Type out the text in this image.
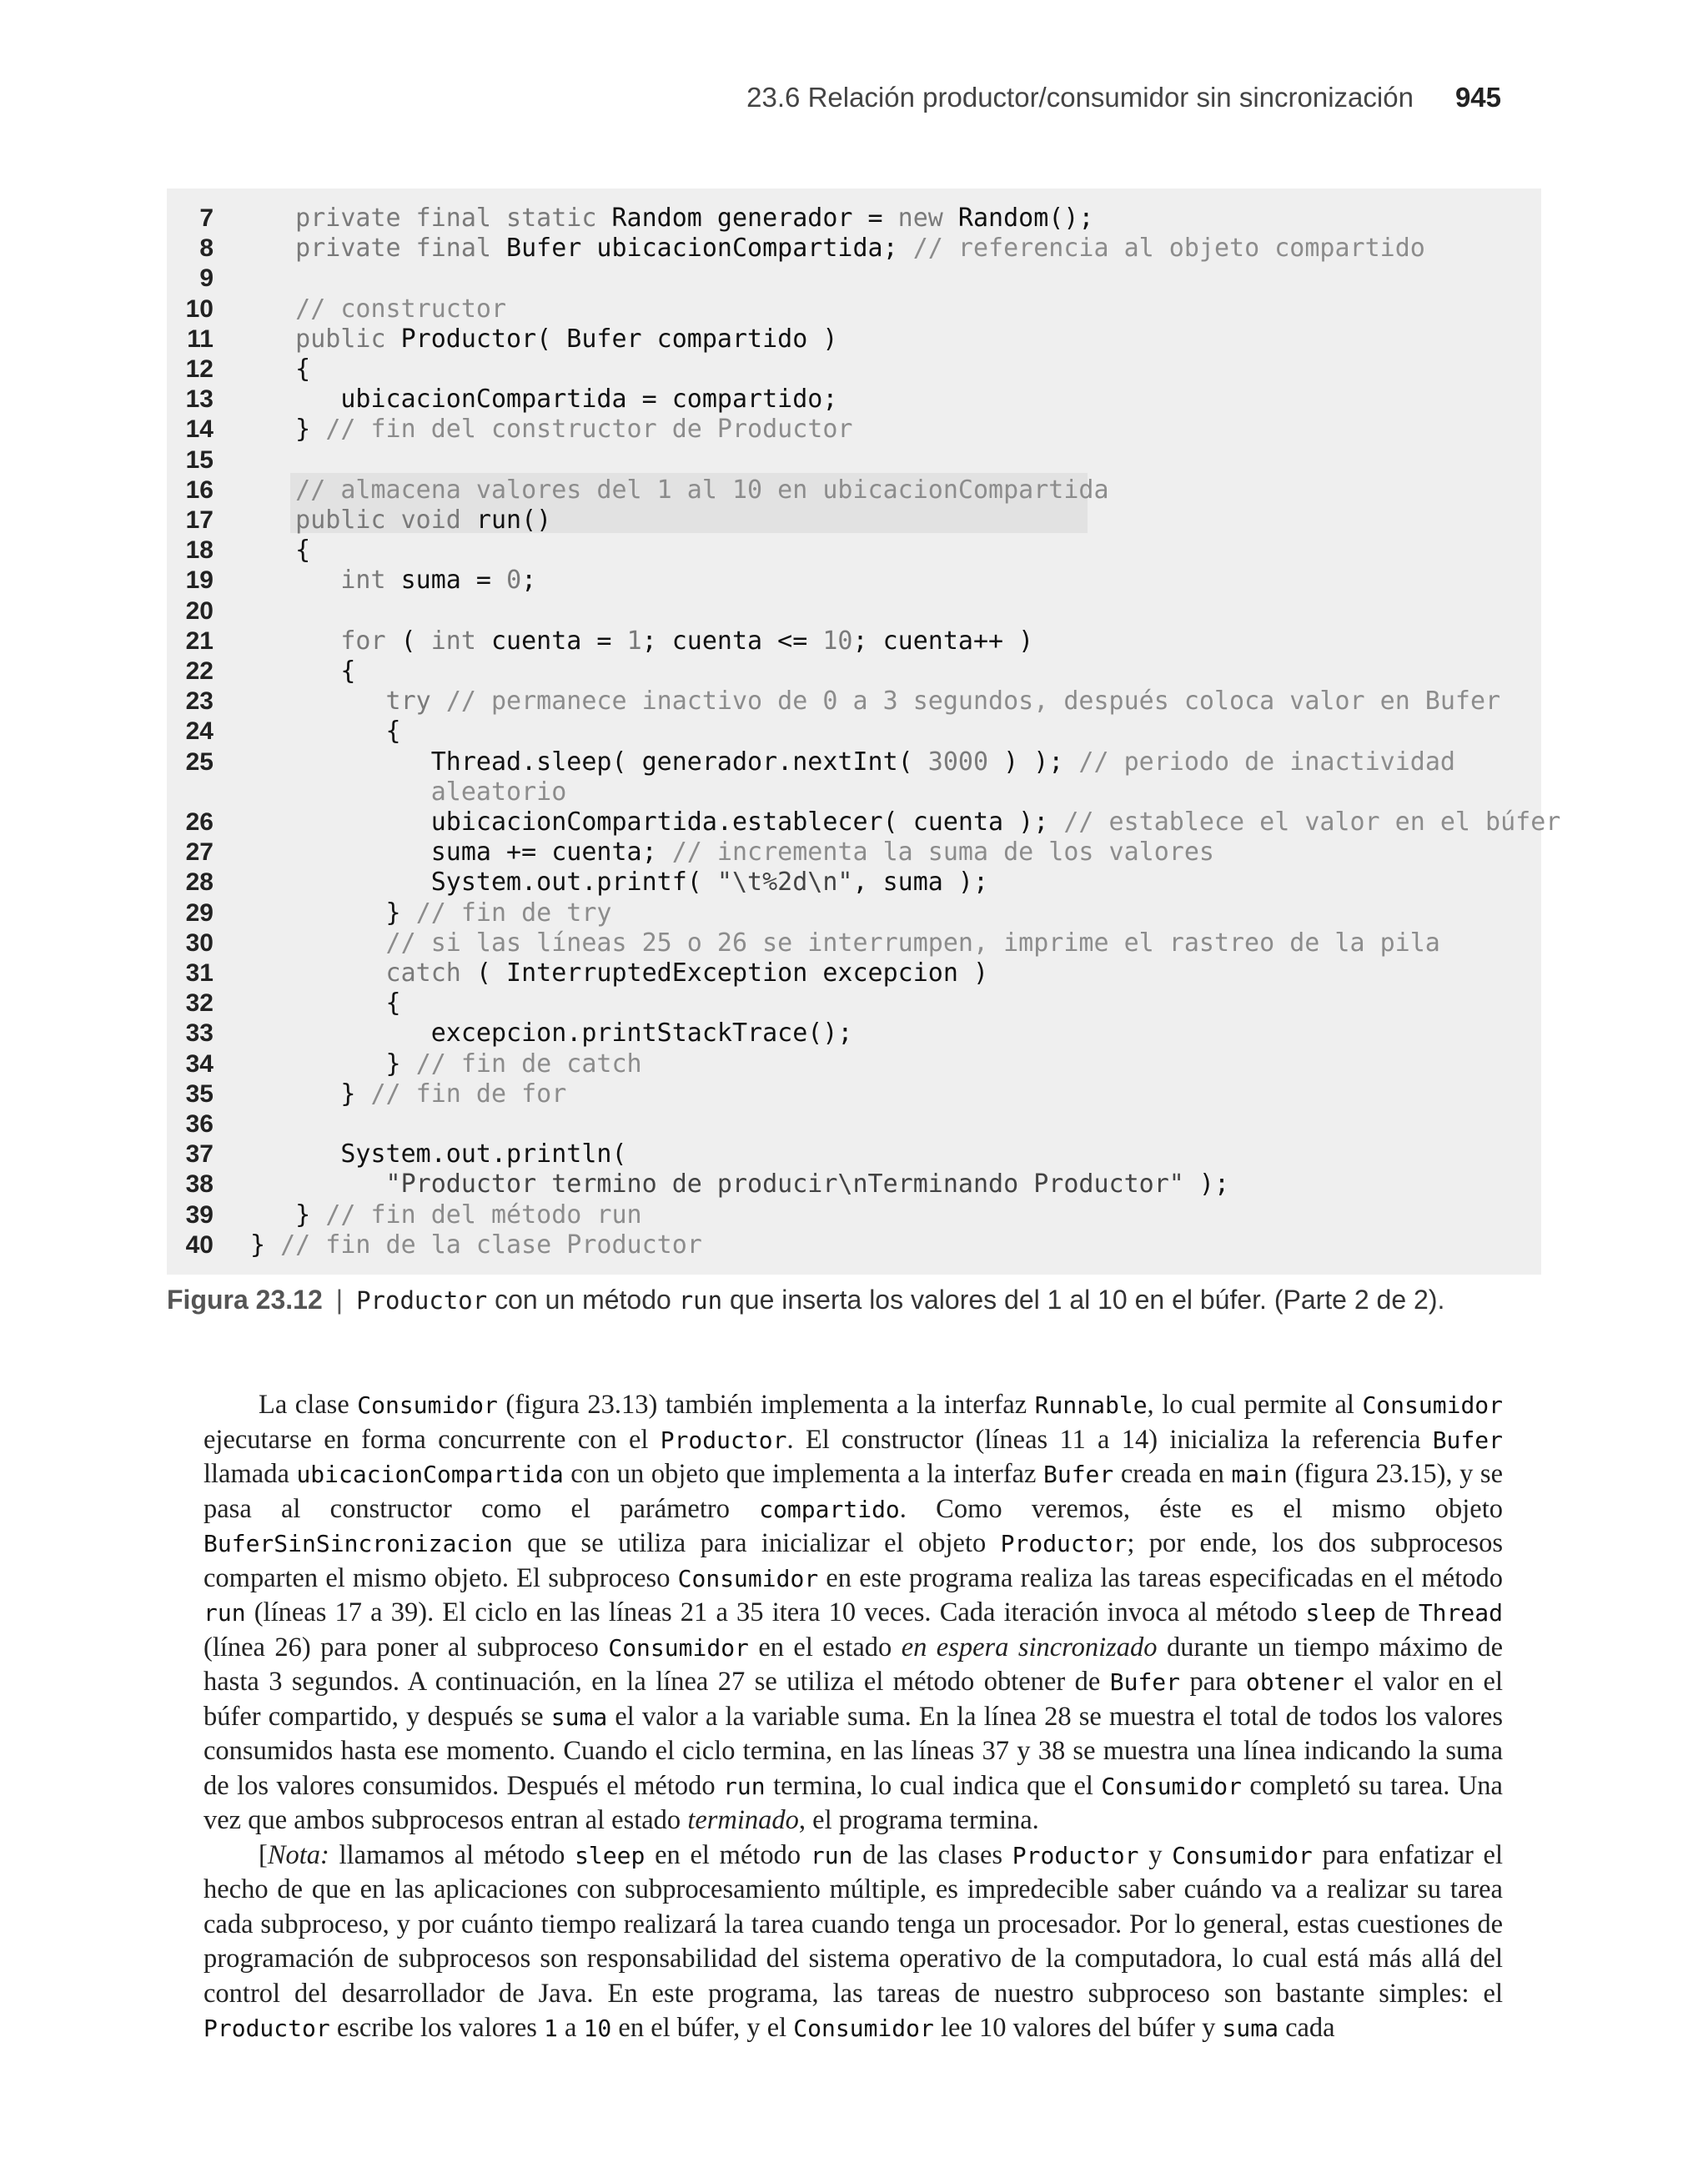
23.6 Relación productor/consumidor sin sincronización 945
7 private final static Random generador = new Random();
8 private final Bufer ubicacionCompartida; // referencia al objeto compartido
9
10 // constructor
11 public Productor( Bufer compartido )
12 {
13 ubicacionCompartida = compartido;
14 } // fin del constructor de Productor
15
16 // almacena valores del 1 al 10 en ubicacionCompartida
17 public void run()
18 {
19 int suma = 0;
20
21 for ( int cuenta = 1; cuenta <= 10; cuenta++ )
22 {
23 try // permanece inactivo de 0 a 3 segundos, después coloca valor en Bufer
24 {
25 Thread.sleep( generador.nextInt( 3000 ) ); // periodo de inactividad
aleatorio
26 ubicacionCompartida.establecer( cuenta ); // establece el valor en el búfer
27 suma += cuenta; // incrementa la suma de los valores
28 System.out.printf( "\t%2d\n", suma );
29 } // fin de try
30 // si las líneas 25 o 26 se interrumpen, imprime el rastreo de la pila
31 catch ( InterruptedException excepcion )
32 {
33 excepcion.printStackTrace();
34 } // fin de catch
35 } // fin de for
36
37 System.out.println(
38 "Productor termino de producir\nTerminando Productor" );
39 } // fin del método run
40 } // fin de la clase Productor
Figura 23.12 | Productor con un método run que inserta los valores del 1 al 10 en el búfer. (Parte 2 de 2).

La clase Consumidor (figura 23.13) también implementa a la interfaz Runnable, lo cual permite al Consumidor ejecutarse en forma concurrente con el Productor. El constructor (líneas 11 a 14) inicializa la referencia Bufer llamada ubicacionCompartida con un objeto que implementa a la interfaz Bufer creada en main (figura 23.15), y se pasa al constructor como el parámetro compartido. Como veremos, éste es el mismo objeto BuferSinSincronizacion que se utiliza para inicializar el objeto Productor; por ende, los dos subprocesos comparten el mismo objeto. El subproceso Consumidor en este programa realiza las tareas especificadas en el método run (líneas 17 a 39). El ciclo en las líneas 21 a 35 itera 10 veces. Cada iteración invoca al método sleep de Thread (línea 26) para poner al subproceso Consumidor en el estado en espera sincronizado durante un tiempo máximo de hasta 3 segundos. A continuación, en la línea 27 se utiliza el método obtener de Bufer para obtener el valor en el búfer compartido, y después se suma el valor a la variable suma. En la línea 28 se muestra el total de todos los valores consumidos hasta ese momento. Cuando el ciclo termina, en las líneas 37 y 38 se muestra una línea indicando la suma de los valores consumidos. Después el método run termina, lo cual indica que el Consumidor completó su tarea. Una vez que ambos subprocesos entran al estado terminado, el programa termina.

[Nota: llamamos al método sleep en el método run de las clases Productor y Consumidor para enfatizar el hecho de que en las aplicaciones con subprocesamiento múltiple, es impredecible saber cuándo va a realizar su tarea cada subproceso, y por cuánto tiempo realizará la tarea cuando tenga un procesador. Por lo general, estas cuestiones de programación de subprocesos son responsabilidad del sistema operativo de la computadora, lo cual está más allá del control del desarrollador de Java. En este programa, las tareas de nuestro subproceso son bastante simples: el Productor escribe los valores 1 a 10 en el búfer, y el Consumidor lee 10 valores del búfer y suma cada
